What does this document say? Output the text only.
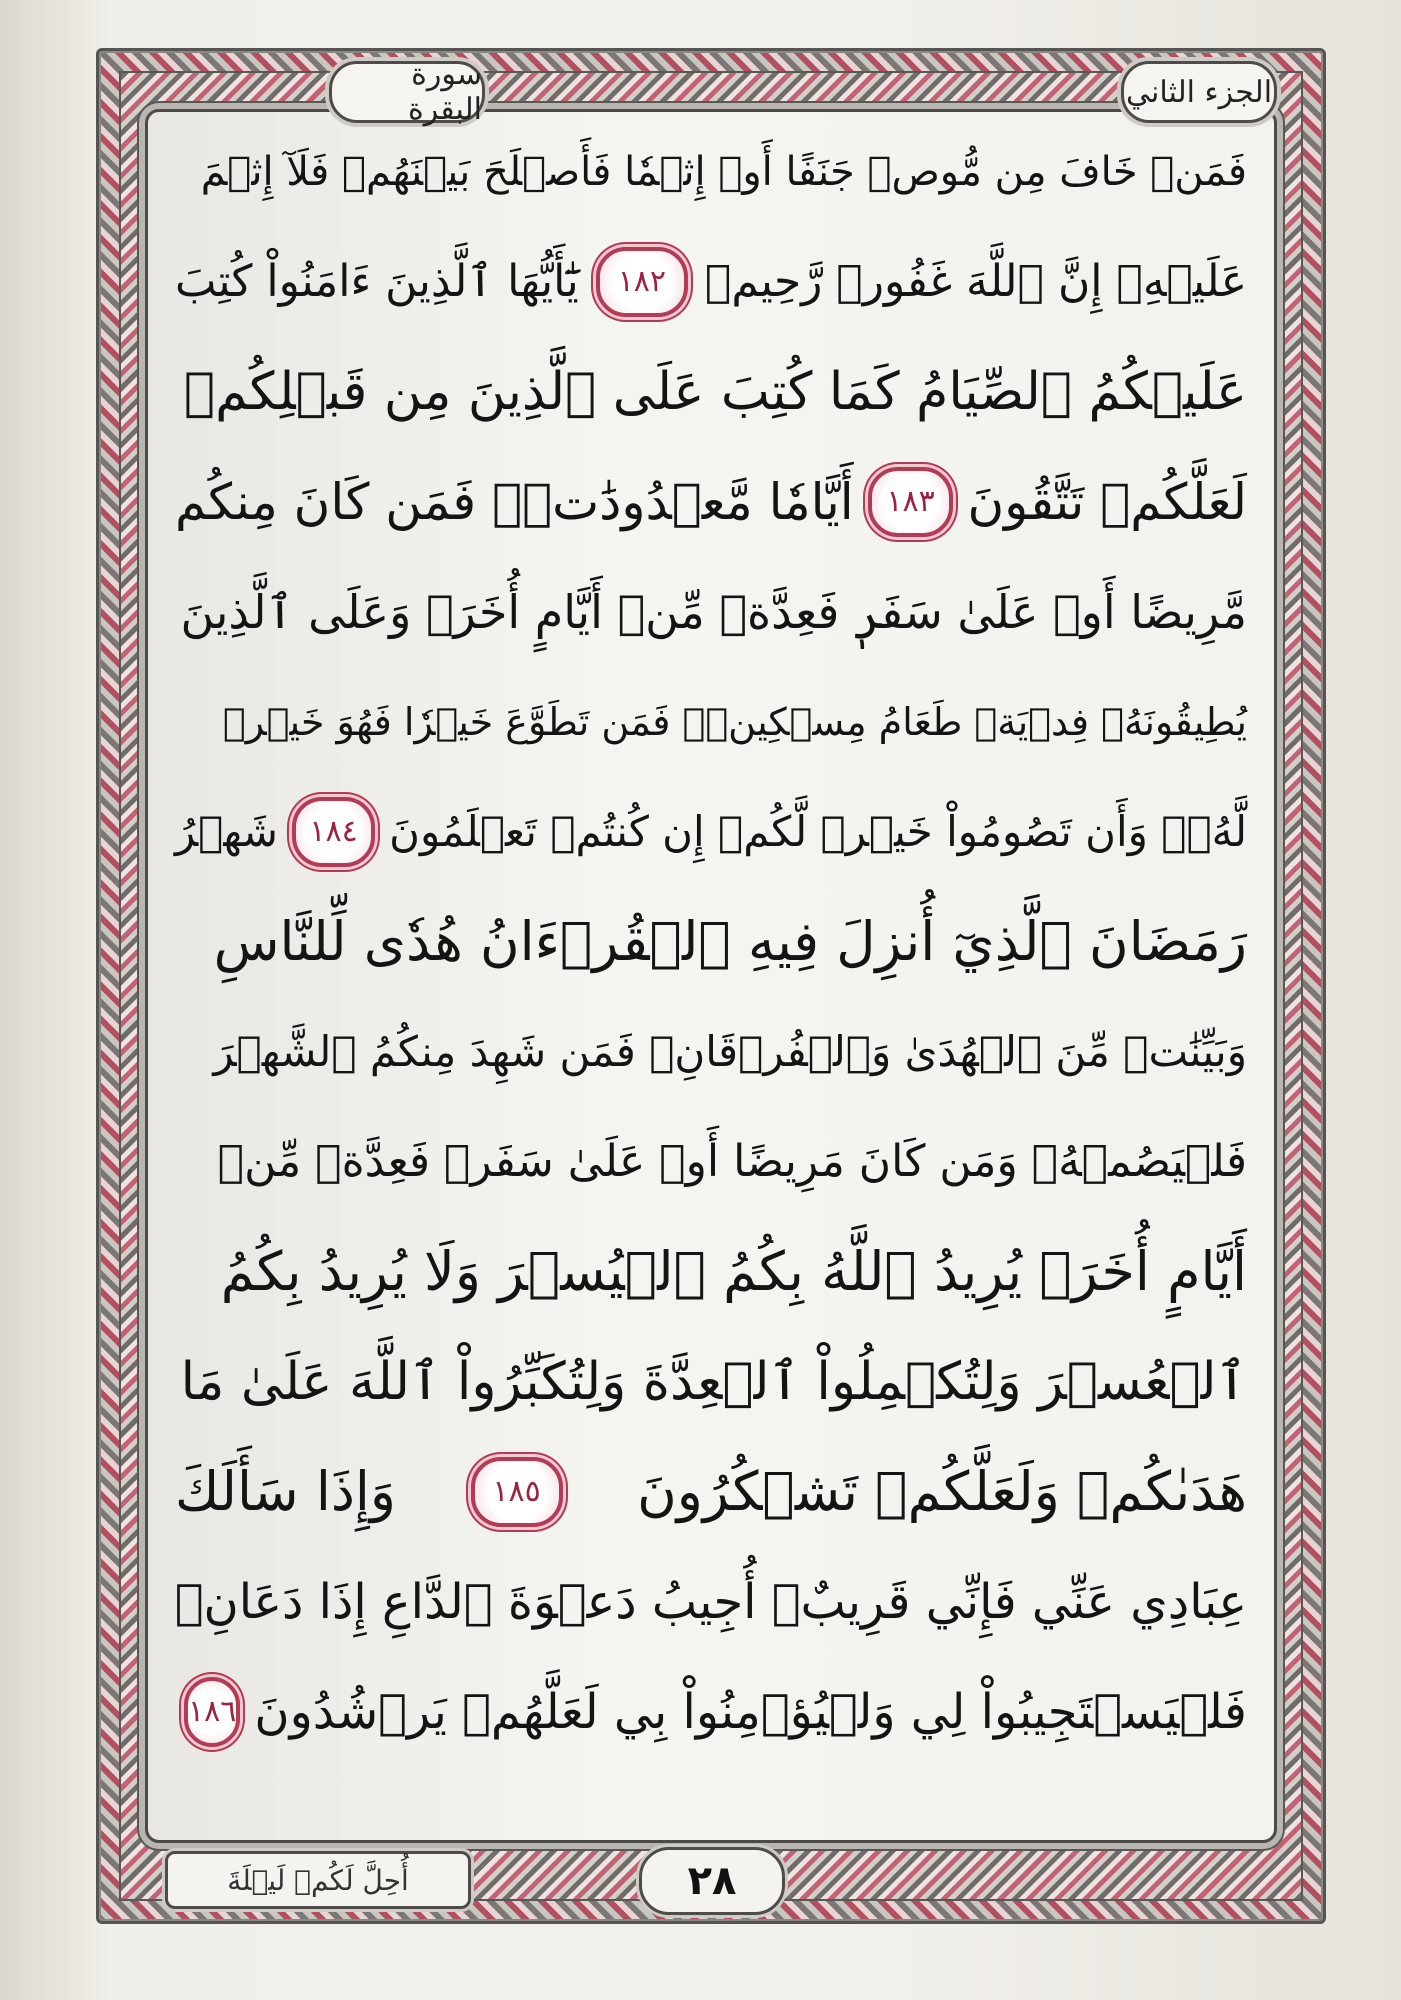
الجزء الثاني
سورة البقرة
فَمَنۡ خَافَ مِن مُّوصٖ جَنَفًا أَوۡ إِثۡمٗا فَأَصۡلَحَ بَيۡنَهُمۡ فَلَآ إِثۡمَ
عَلَيۡهِۚ إِنَّ ٱللَّهَ غَفُورٞ رَّحِيمٞ
١٨٢
يَٰٓأَيُّهَا ٱلَّذِينَ ءَامَنُواْ كُتِبَ
عَلَيۡكُمُ ٱلصِّيَامُ كَمَا كُتِبَ عَلَى ٱلَّذِينَ مِن قَبۡلِكُمۡ
لَعَلَّكُمۡ تَتَّقُونَ
١٨٣
أَيَّامٗا مَّعۡدُودَٰتٖۚ فَمَن كَانَ مِنكُم
مَّرِيضًا أَوۡ عَلَىٰ سَفَرٖ فَعِدَّةٞ مِّنۡ أَيَّامٍ أُخَرَۚ وَعَلَى ٱلَّذِينَ
يُطِيقُونَهُۥ فِدۡيَةٞ طَعَامُ مِسۡكِينٖۖ فَمَن تَطَوَّعَ خَيۡرٗا فَهُوَ خَيۡرٞ
لَّهُۥۚ وَأَن تَصُومُواْ خَيۡرٞ لَّكُمۡ إِن كُنتُمۡ تَعۡلَمُونَ
١٨٤
شَهۡرُ
رَمَضَانَ ٱلَّذِيٓ أُنزِلَ فِيهِ ٱلۡقُرۡءَانُ هُدٗى لِّلنَّاسِ
وَبَيِّنَٰتٖ مِّنَ ٱلۡهُدَىٰ وَٱلۡفُرۡقَانِۚ فَمَن شَهِدَ مِنكُمُ ٱلشَّهۡرَ
فَلۡيَصُمۡهُۖ وَمَن كَانَ مَرِيضًا أَوۡ عَلَىٰ سَفَرٖ فَعِدَّةٞ مِّنۡ
أَيَّامٍ أُخَرَۗ يُرِيدُ ٱللَّهُ بِكُمُ ٱلۡيُسۡرَ وَلَا يُرِيدُ بِكُمُ
ٱلۡعُسۡرَ وَلِتُكۡمِلُواْ ٱلۡعِدَّةَ وَلِتُكَبِّرُواْ ٱللَّهَ عَلَىٰ مَا
هَدَىٰكُمۡ وَلَعَلَّكُمۡ تَشۡكُرُونَ
١٨٥
وَإِذَا سَأَلَكَ
عِبَادِي عَنِّي فَإِنِّي قَرِيبٌۖ أُجِيبُ دَعۡوَةَ ٱلدَّاعِ إِذَا دَعَانِۖ
فَلۡيَسۡتَجِيبُواْ لِي وَلۡيُؤۡمِنُواْ بِي لَعَلَّهُمۡ يَرۡشُدُونَ
١٨٦
أُحِلَّ لَكُمۡ لَيۡلَةَ	٢٨
